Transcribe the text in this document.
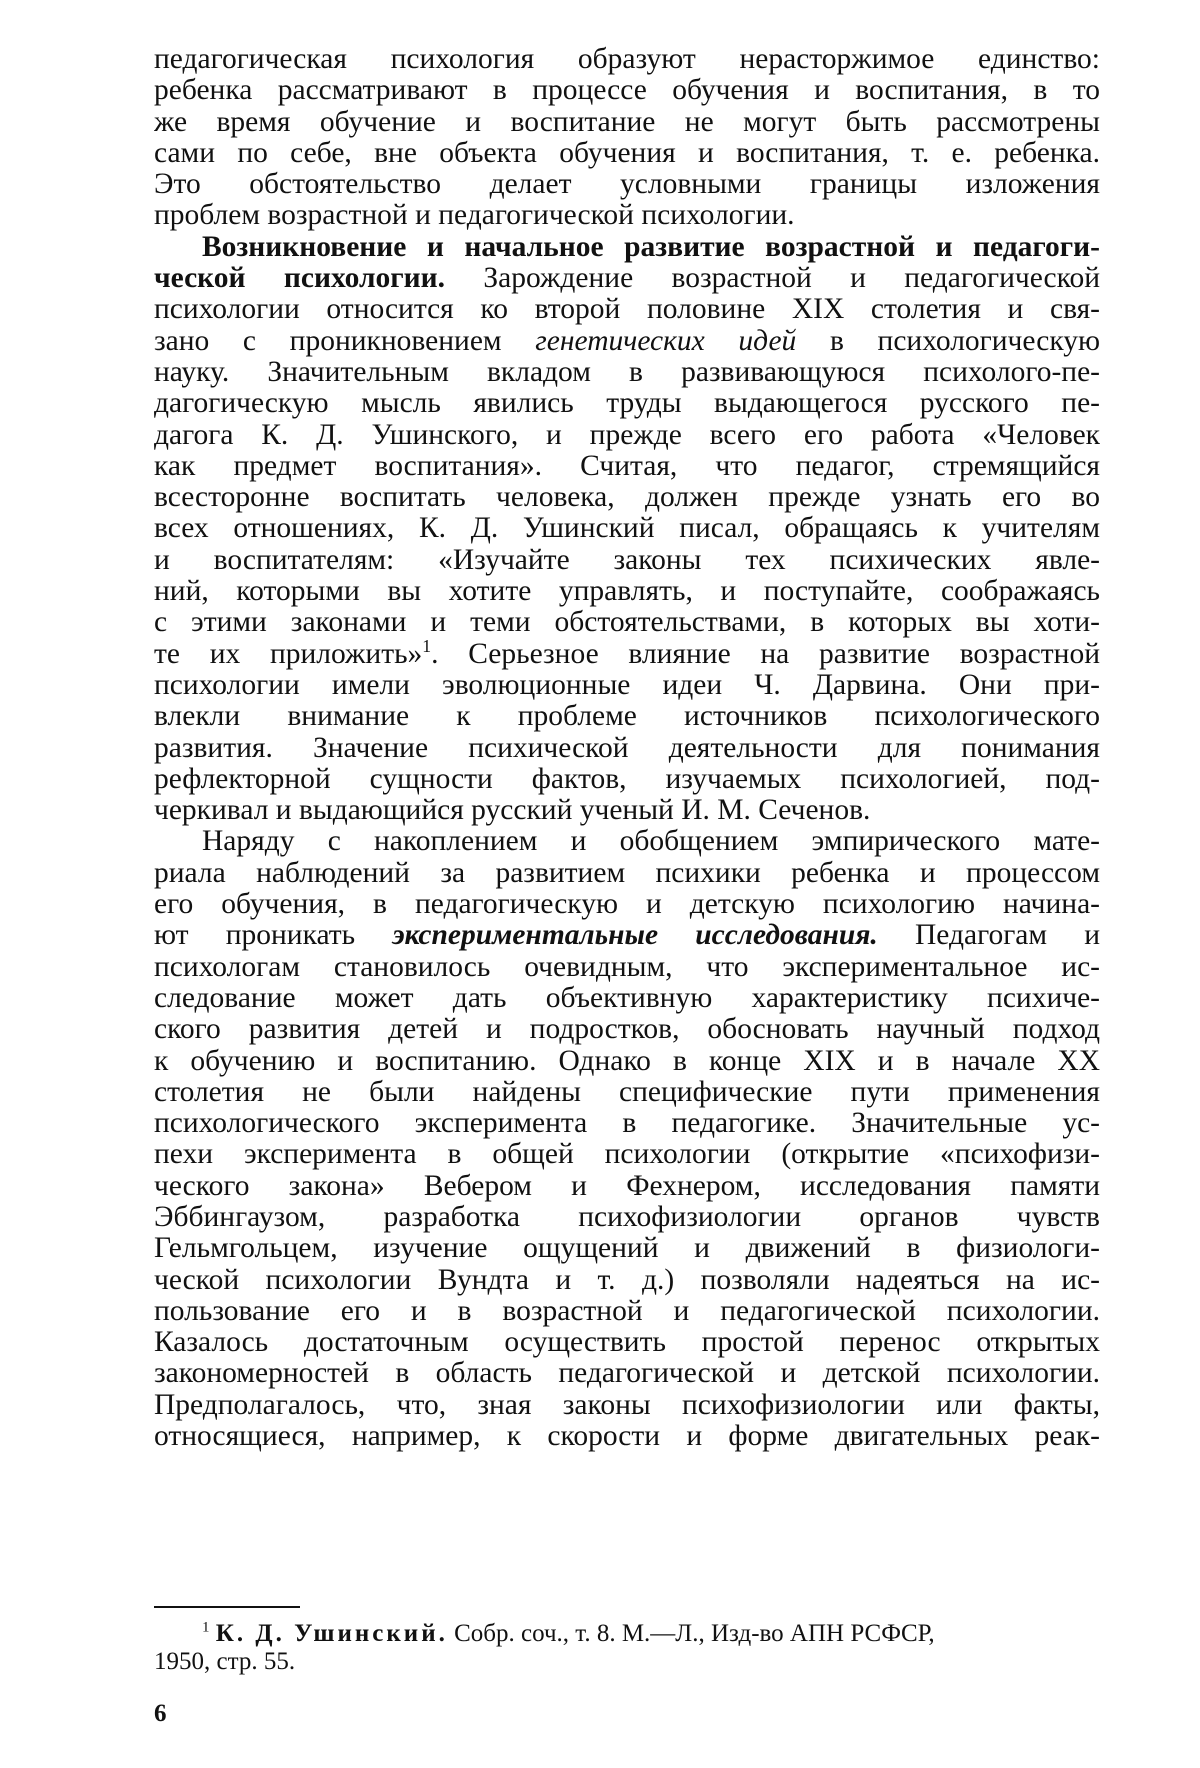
педагогическая психология образуют нерасторжимое единство:
ребенка рассматривают в процессе обучения и воспитания, в то
же время обучение и воспитание не могут быть рассмотрены
сами по себе, вне объекта обучения и воспитания, т. е. ребенка.
Это обстоятельство делает условными границы изложения
проблем возрастной и педагогической психологии.
Возникновение и начальное развитие возрастной и педагоги-
ческой психологии. Зарождение возрастной и педагогической
психологии относится ко второй половине XIX столетия и свя-
зано с проникновением генетических идей в психологическую
науку. Значительным вкладом в развивающуюся психолого-пе-
дагогическую мысль явились труды выдающегося русского пе-
дагога К. Д. Ушинского, и прежде всего его работа «Человек
как предмет воспитания». Считая, что педагог, стремящийся
всесторонне воспитать человека, должен прежде узнать его во
всех отношениях, К. Д. Ушинский писал, обращаясь к учителям
и воспитателям: «Изучайте законы тех психических явле-
ний, которыми вы хотите управлять, и поступайте, соображаясь
с этими законами и теми обстоятельствами, в которых вы хоти-
те их приложить»$^1$. Серьезное влияние на развитие возрастной
психологии имели эволюционные идеи Ч. Дарвина. Они при-
влекли внимание к проблеме источников психологического
развития. Значение психической деятельности для понимания
рефлекторной сущности фактов, изучаемых психологией, под-
черкивал и выдающийся русский ученый И. М. Сеченов.
Наряду с накоплением и обобщением эмпирического мате-
риала наблюдений за развитием психики ребенка и процессом
его обучения, в педагогическую и детскую психологию начина-
ют проникать экспериментальные исследования. Педагогам и
психологам становилось очевидным, что экспериментальное ис-
следование может дать объективную характеристику психиче-
ского развития детей и подростков, обосновать научный подход
к обучению и воспитанию. Однако в конце XIX и в начале XX
столетия не были найдены специфические пути применения
психологического эксперимента в педагогике. Значительные ус-
пехи эксперимента в общей психологии (открытие «психофизи-
ческого закона» Вебером и Фехнером, исследования памяти
Эббингаузом, разработка психофизиологии органов чувств
Гельмгольцем, изучение ощущений и движений в физиологи-
ческой психологии Вундта и т. д.) позволяли надеяться на ис-
пользование его и в возрастной и педагогической психологии.
Казалось достаточным осуществить простой перенос открытых
закономерностей в область педагогической и детской психологии.
Предполагалось, что, зная законы психофизиологии или факты,
относящиеся, например, к скорости и форме двигательных реак-
$^1$ К. Д. Ушинский. Собр. соч., т. 8. М.—Л., Изд-во АПН РСФСР,
1950, стр. 55.
6
